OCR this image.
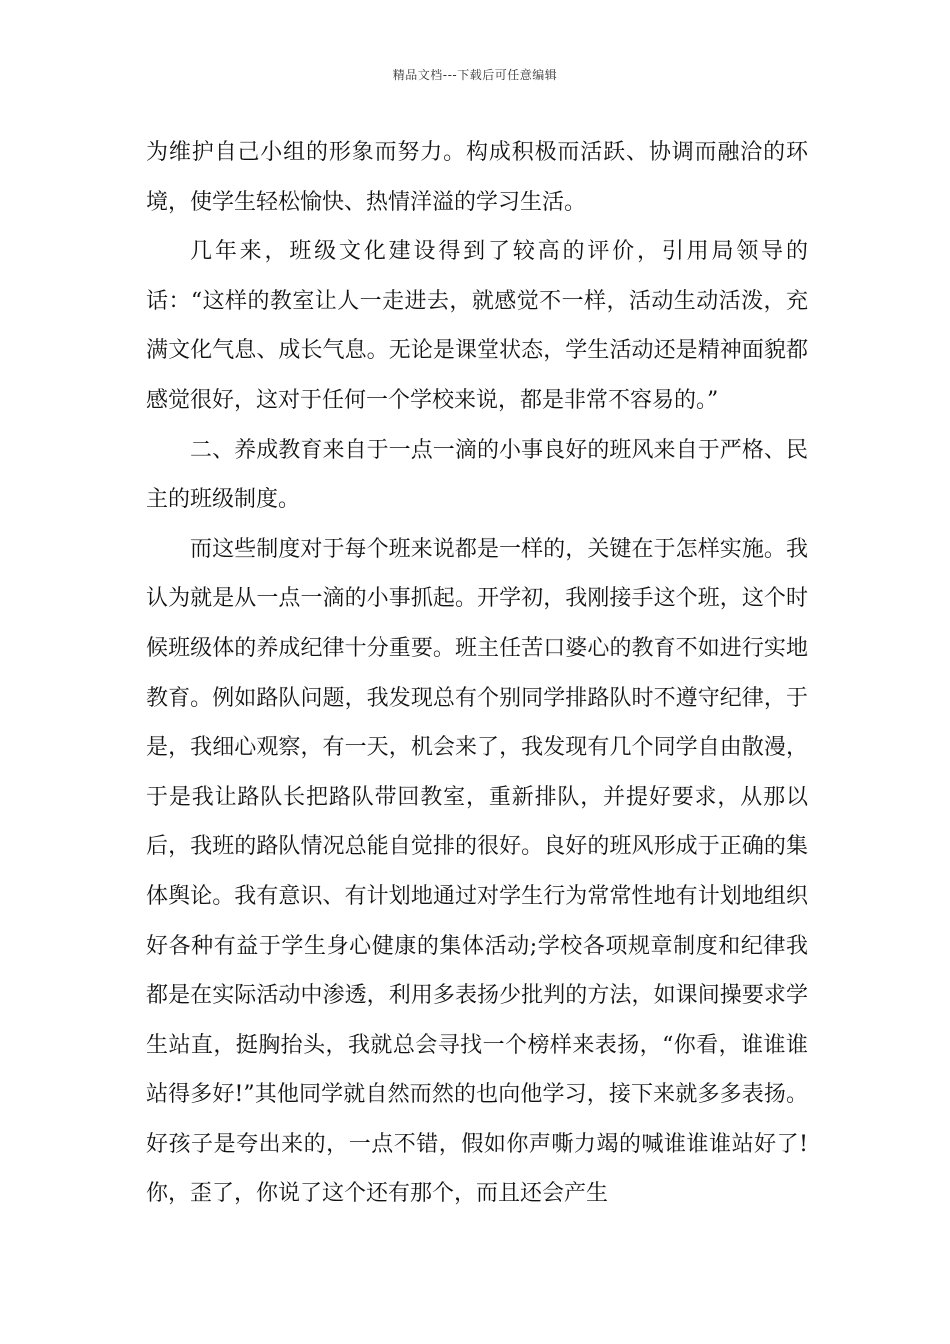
精品文档---下载后可任意编辑

为维护自己小组的形象而努力。构成积极而活跃、协调而融洽的环境，使学生轻松愉快、热情洋溢的学习生活。

几年来，班级文化建设得到了较高的评价，引用局领导的话：“这样的教室让人一走进去，就感觉不一样，活动生动活泼，充满文化气息、成长气息。无论是课堂状态，学生活动还是精神面貌都感觉很好，这对于任何一个学校来说，都是非常不容易的。”

二、养成教育来自于一点一滴的小事良好的班风来自于严格、民主的班级制度。

而这些制度对于每个班来说都是一样的，关键在于怎样实施。我认为就是从一点一滴的小事抓起。开学初，我刚接手这个班，这个时候班级体的养成纪律十分重要。班主任苦口婆心的教育不如进行实地教育。例如路队问题，我发现总有个别同学排路队时不遵守纪律，于是，我细心观察，有一天，机会来了，我发现有几个同学自由散漫，于是我让路队长把路队带回教室，重新排队，并提好要求，从那以后，我班的路队情况总能自觉排的很好。良好的班风形成于正确的集体舆论。我有意识、有计划地通过对学生行为常常性地有计划地组织好各种有益于学生身心健康的集体活动;学校各项规章制度和纪律我都是在实际活动中渗透，利用多表扬少批判的方法，如课间操要求学生站直，挺胸抬头，我就总会寻找一个榜样来表扬，“你看，谁谁谁站得多好!”其他同学就自然而然的也向他学习，接下来就多多表扬。好孩子是夸出来的，一点不错，假如你声嘶力竭的喊谁谁谁站好了!你，歪了，你说了这个还有那个，而且还会产生
